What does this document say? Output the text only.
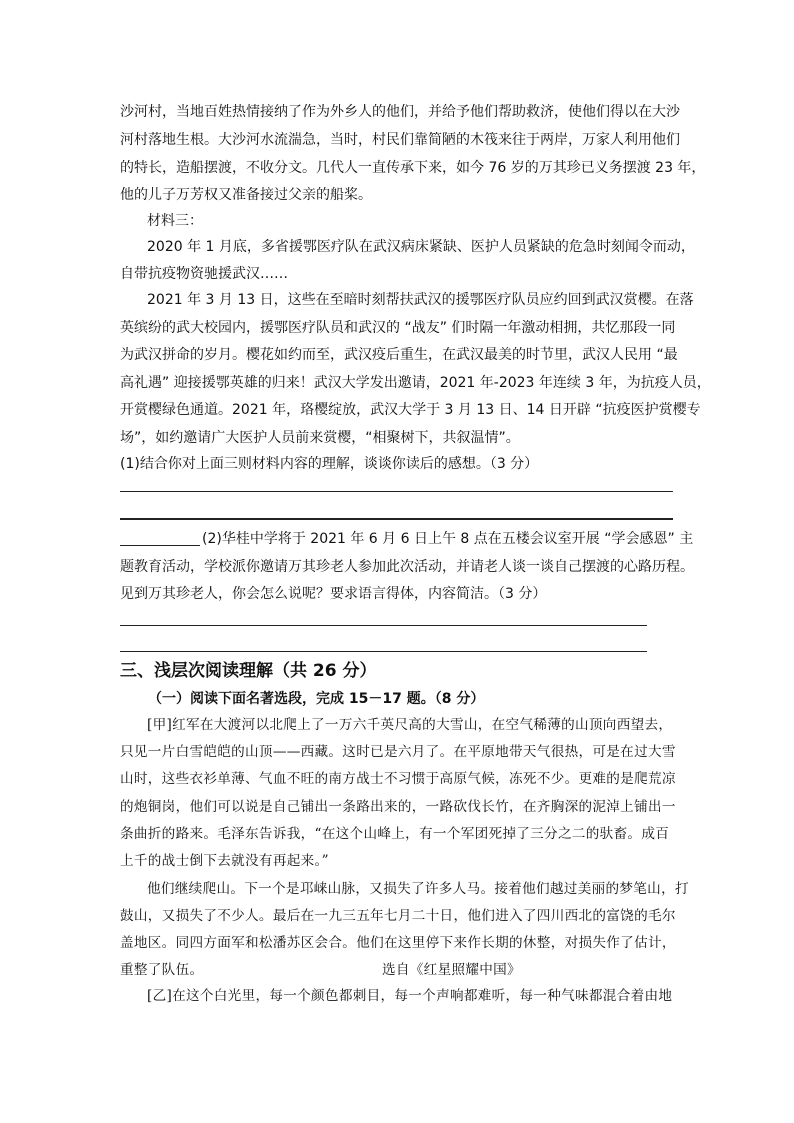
沙河村，当地百姓热情接纳了作为外乡人的他们，并给予他们帮助救济，使他们得以在大沙
河村落地生根。大沙河水流湍急，当时，村民们靠简陋的木筏来往于两岸，万家人利用他们
的特长，造船摆渡，不收分文。几代人一直传承下来，如今 76 岁的万其珍已义务摆渡 23 年，
他的儿子万芳权又准备接过父亲的船桨。
材料三：
2020 年 1 月底，多省援鄂医疗队在武汉病床紧缺、医护人员紧缺的危急时刻闻令而动，
自带抗疫物资驰援武汉……
2021 年 3 月 13 日，这些在至暗时刻帮扶武汉的援鄂医疗队员应约回到武汉赏樱。在落
英缤纷的武大校园内，援鄂医疗队员和武汉的 “战友” 们时隔一年激动相拥，共忆那段一同
为武汉拼命的岁月。樱花如约而至，武汉疫后重生，在武汉最美的时节里，武汉人民用 “最
高礼遇” 迎接援鄂英雄的归来！武汉大学发出邀请，2021 年-2023 年连续 3 年，为抗疫人员，
开赏樱绿色通道。2021 年，珞樱绽放，武汉大学于 3 月 13 日、14 日开辟 “抗疫医护赏樱专
场”，如约邀请广大医护人员前来赏樱，“相聚树下，共叙温情”。
(1)结合你对上面三则材料内容的理解，谈谈你读后的感想。（3 分）
(2)华桂中学将于 2021 年 6 月 6 日上午 8 点在五楼会议室开展 “学会感恩” 主
题教育活动，学校派你邀请万其珍老人参加此次活动，并请老人谈一谈自己摆渡的心路历程。
见到万其珍老人，你会怎么说呢？要求语言得体，内容简洁。（3 分）
三、浅层次阅读理解（共 26 分）
（一）阅读下面名著选段，完成 15－17 题。（8 分）
[甲]红军在大渡河以北爬上了一万六千英尺高的大雪山，在空气稀薄的山顶向西望去，
只见一片白雪皑皑的山顶——西藏。这时已是六月了。在平原地带天气很热，可是在过大雪
山时，这些衣衫单薄、气血不旺的南方战士不习惯于高原气候，冻死不少。更难的是爬荒凉
的炮铜岗，他们可以说是自己铺出一条路出来的，一路砍伐长竹，在齐胸深的泥淖上铺出一
条曲折的路来。毛泽东告诉我，“在这个山峰上，有一个军团死掉了三分之二的驮畜。成百
上千的战士倒下去就没有再起来。”
他们继续爬山。下一个是邛崃山脉，又损失了许多人马。接着他们越过美丽的梦笔山，打
鼓山，又损失了不少人。最后在一九三五年七月二十日，他们进入了四川西北的富饶的毛尔
盖地区。同四方面军和松潘苏区会合。他们在这里停下来作长期的休整，对损失作了估计，
重整了队伍。	选自《红星照耀中国》
[乙]在这个白光里，每一个颜色都刺目，每一个声响都难听，每一种气味都混合着由地
